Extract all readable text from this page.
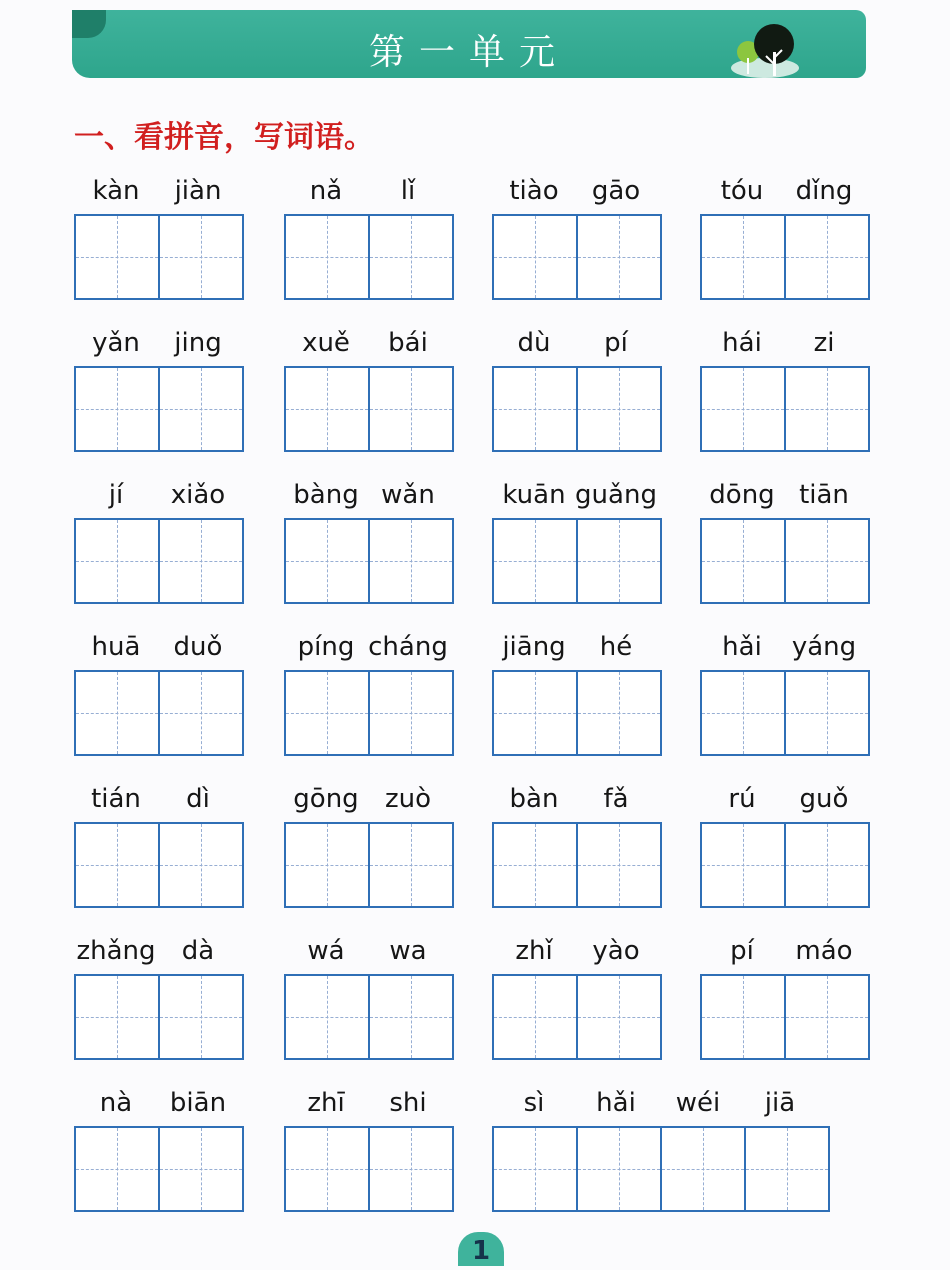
第一单元
一、看拼音，写词语。
kàn	jiàn	nǎ	lǐ	tiào	gāo	tóu	dǐng
yǎn	jing	xuě	bái	dù	pí	hái	zi
jí	xiǎo	bàng wǎn	kuān guǎng	dōng tiān
huā	duǒ	píng cháng	jiāng	hé	hǎi	yáng
tián	dì	gōng	zuò	bàn	fǎ	rú	guǒ
zhǎng	dà	wá	wa	zhǐ	yào	pí	máo
nà	biān	zhī	shi	sì	hǎi	wéi	jiā
1
